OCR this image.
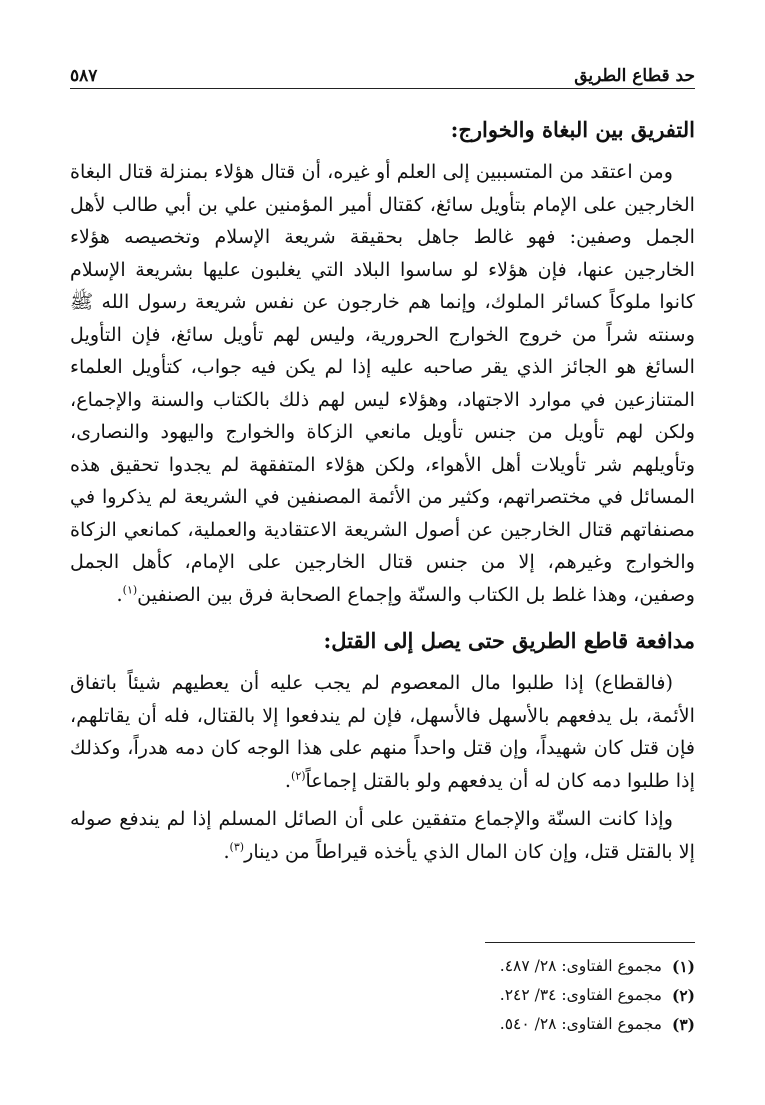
حد قطاع الطريق
٥٨٧
التفريق بين البغاة والخوارج:

ومن اعتقد من المتسببين إلى العلم أو غيره، أن قتال هؤلاء بمنزلة قتال البغاة الخارجين على الإمام بتأويل سائغ، كقتال أمير المؤمنين علي بن أبي طالب لأهل الجمل وصفين: فهو غالط جاهل بحقيقة شريعة الإسلام وتخصيصه هؤلاء الخارجين عنها، فإن هؤلاء لو ساسوا البلاد التي يغلبون عليها بشريعة الإسلام كانوا ملوكاً كسائر الملوك، وإنما هم خارجون عن نفس شريعة رسول الله ﷺ وسنته شراً من خروج الخوارج الحرورية، وليس لهم تأويل سائغ، فإن التأويل السائغ هو الجائز الذي يقر صاحبه عليه إذا لم يكن فيه جواب، كتأويل العلماء المتنازعين في موارد الاجتهاد، وهؤلاء ليس لهم ذلك بالكتاب والسنة والإجماع، ولكن لهم تأويل من جنس تأويل مانعي الزكاة والخوارج واليهود والنصارى، وتأويلهم شر تأويلات أهل الأهواء، ولكن هؤلاء المتفقهة لم يجدوا تحقيق هذه المسائل في مختصراتهم، وكثير من الأئمة المصنفين في الشريعة لم يذكروا في مصنفاتهم قتال الخارجين عن أصول الشريعة الاعتقادية والعملية، كمانعي الزكاة والخوارج وغيرهم، إلا من جنس قتال الخارجين على الإمام، كأهل الجمل وصفين، وهذا غلط بل الكتاب والسنّة وإجماع الصحابة فرق بين الصنفين$^{(١)}$.

مدافعة قاطع الطريق حتى يصل إلى القتل:

(فالقطاع) إذا طلبوا مال المعصوم لم يجب عليه أن يعطيهم شيئاً باتفاق الأئمة، بل يدفعهم بالأسهل فالأسهل، فإن لم يندفعوا إلا بالقتال، فله أن يقاتلهم، فإن قتل كان شهيداً، وإن قتل واحداً منهم على هذا الوجه كان دمه هدراً، وكذلك إذا طلبوا دمه كان له أن يدفعهم ولو بالقتل إجماعاً$^{(٢)}$.

وإذا كانت السنّة والإجماع متفقين على أن الصائل المسلم إذا لم يندفع صوله إلا بالقتل قتل، وإن كان المال الذي يأخذه قيراطاً من دينار$^{(٣)}$.

(١)
مجموع الفتاوى: ٢٨/ ٤٨٧.
(٢)
مجموع الفتاوى: ٣٤/ ٢٤٢.
(٣)
مجموع الفتاوى: ٢٨/ ٥٤٠.
